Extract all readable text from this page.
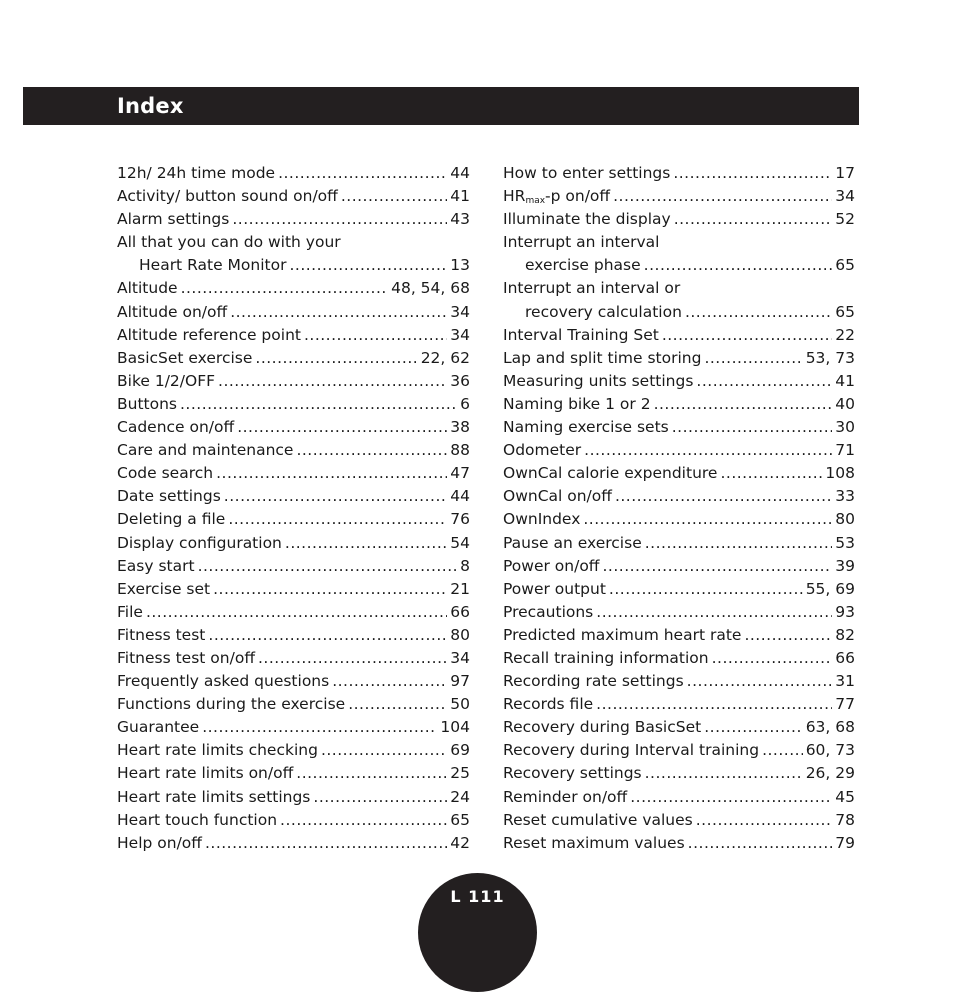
Index
12h/ 24h time mode .....	44
Activity/ button sound on/off .....	41
Alarm settings .....	43
All that you can do with your
Heart Rate Monitor .....	13
Altitude .....	48, 54, 68
Altitude on/off .....	34
Altitude reference point .....	34
BasicSet exercise .....	22, 62
Bike 1/2/OFF .....	36
Buttons .....	6
Cadence on/off .....	38
Care and maintenance .....	88
Code search .....	47
Date settings .....	44
Deleting a file .....	76
Display configuration .....	54
Easy start .....	8
Exercise set .....	21
File .....	66
Fitness test .....	80
Fitness test on/off .....	34
Frequently asked questions .....	97
Functions during the exercise .....	50
Guarantee .....	104
Heart rate limits checking .....	69
Heart rate limits on/off .....	25
Heart rate limits settings .....	24
Heart touch function .....	65
Help on/off .....	42
How to enter settings .....	17
$HR_{max}-p$ on/off .....	34
Illuminate the display .....	52
Interrupt an interval
exercise phase .....	65
Interrupt an interval or
recovery calculation .....	65
Interval Training Set .....	22
Lap and split time storing .....	53, 73
Measuring units settings .....	41
Naming bike 1 or 2 .....	40
Naming exercise sets .....	30
Odometer .....	71
OwnCal calorie expenditure .....	108
OwnCal on/off .....	33
OwnIndex .....	80
Pause an exercise .....	53
Power on/off .....	39
Power output .....	55, 69
Precautions .....	93
Predicted maximum heart rate .....	82
Recall training information .....	66
Recording rate settings .....	31
Records file .....	77
Recovery during BasicSet .....	63, 68
Recovery during Interval training .....	60, 73
Recovery settings .....	26, 29
Reminder on/off .....	45
Reset cumulative values .....	78
Reset maximum values .....	79
L 111
